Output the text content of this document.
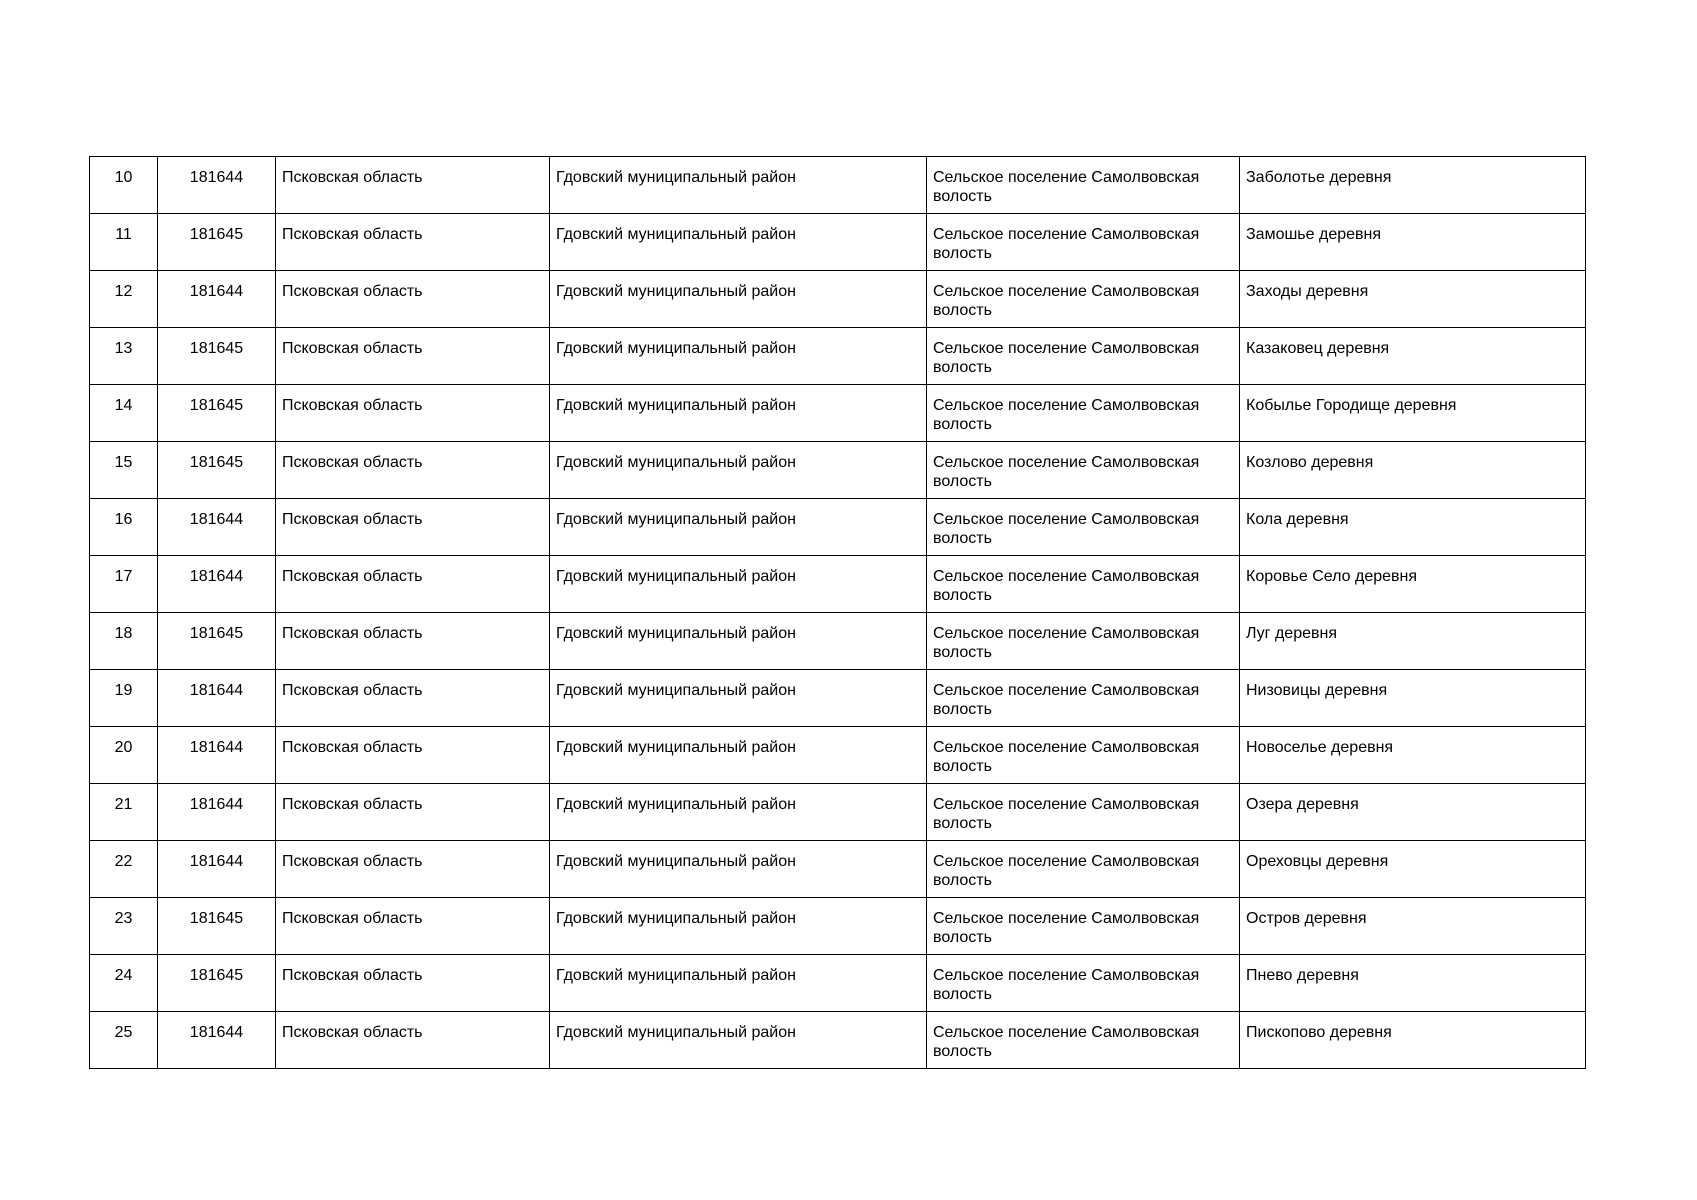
10	181644	Псковская область	Гдовский муниципальный район	Сельское поселение Самолвовская волость	Заболотье деревня
11	181645	Псковская область	Гдовский муниципальный район	Сельское поселение Самолвовская волость	Замошье деревня
12	181644	Псковская область	Гдовский муниципальный район	Сельское поселение Самолвовская волость	Заходы деревня
13	181645	Псковская область	Гдовский муниципальный район	Сельское поселение Самолвовская волость	Казаковец деревня
14	181645	Псковская область	Гдовский муниципальный район	Сельское поселение Самолвовская волость	Кобылье Городище деревня
15	181645	Псковская область	Гдовский муниципальный район	Сельское поселение Самолвовская волость	Козлово деревня
16	181644	Псковская область	Гдовский муниципальный район	Сельское поселение Самолвовская волость	Кола деревня
17	181644	Псковская область	Гдовский муниципальный район	Сельское поселение Самолвовская волость	Коровье Село деревня
18	181645	Псковская область	Гдовский муниципальный район	Сельское поселение Самолвовская волость	Луг деревня
19	181644	Псковская область	Гдовский муниципальный район	Сельское поселение Самолвовская волость	Низовицы деревня
20	181644	Псковская область	Гдовский муниципальный район	Сельское поселение Самолвовская волость	Новоселье деревня
21	181644	Псковская область	Гдовский муниципальный район	Сельское поселение Самолвовская волость	Озера деревня
22	181644	Псковская область	Гдовский муниципальный район	Сельское поселение Самолвовская волость	Ореховцы деревня
23	181645	Псковская область	Гдовский муниципальный район	Сельское поселение Самолвовская волость	Остров деревня
24	181645	Псковская область	Гдовский муниципальный район	Сельское поселение Самолвовская волость	Пнево деревня
25	181644	Псковская область	Гдовский муниципальный район	Сельское поселение Самолвовская волость	Пископово деревня
